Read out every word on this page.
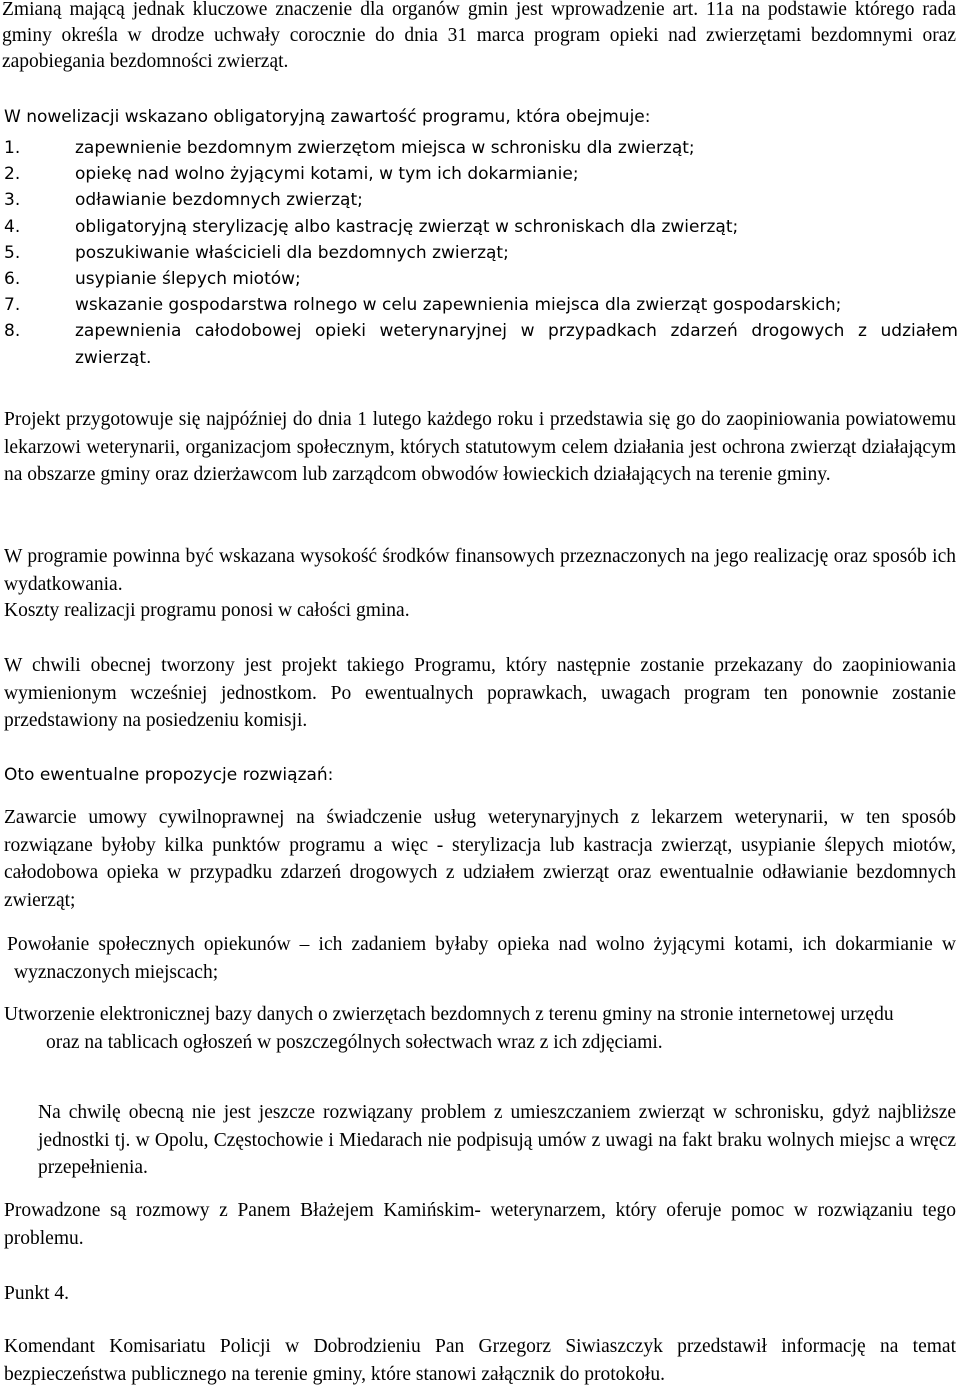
Zmianą mającą jednak kluczowe znaczenie dla organów gmin jest wprowadzenie art. 11a na podstawie którego rada gminy określa w drodze uchwały corocznie do dnia 31 marca program opieki nad zwierzętami bezdomnymi oraz zapobiegania bezdomności zwierząt.

W nowelizacji wskazano obligatoryjną zawartość programu, która obejmuje:

1.	zapewnienie bezdomnym zwierzętom miejsca w schronisku dla zwierząt;
2.	opiekę nad wolno żyjącymi kotami, w tym ich dokarmianie;
3.	odławianie bezdomnych zwierząt;
4.	obligatoryjną sterylizację albo kastrację zwierząt w schroniskach dla zwierząt;
5.	poszukiwanie właścicieli dla bezdomnych zwierząt;
6.	usypianie ślepych miotów;
7.	wskazanie gospodarstwa rolnego w celu zapewnienia miejsca dla zwierząt gospodarskich;
8.	zapewnienia całodobowej opieki weterynaryjnej w przypadkach zdarzeń drogowych z udziałem zwierząt.

Projekt przygotowuje się najpóźniej do dnia 1 lutego każdego roku i przedstawia się go do zaopiniowania powiatowemu lekarzowi weterynarii, organizacjom społecznym, których statutowym celem działania jest ochrona zwierząt działającym na obszarze gminy oraz dzierżawcom lub zarządcom obwodów łowieckich działających na terenie gminy.

W programie powinna być wskazana wysokość środków finansowych przeznaczonych na jego realizację oraz sposób ich wydatkowania.

Koszty realizacji programu ponosi w całości gmina.

W chwili obecnej tworzony jest projekt takiego Programu, który następnie zostanie przekazany do zaopiniowania wymienionym wcześniej jednostkom. Po ewentualnych poprawkach, uwagach program ten ponownie zostanie przedstawiony na posiedzeniu komisji.

Oto ewentualne propozycje rozwiązań:

Zawarcie umowy cywilnoprawnej na świadczenie usług weterynaryjnych z lekarzem weterynarii, w ten sposób rozwiązane byłoby kilka punktów programu a więc - sterylizacja lub kastracja zwierząt, usypianie ślepych miotów, całodobowa opieka w przypadku zdarzeń drogowych z udziałem zwierząt oraz ewentualnie odławianie bezdomnych zwierząt;

Powołanie społecznych opiekunów – ich zadaniem byłaby opieka nad wolno żyjącymi kotami, ich dokarmianie w wyznaczonych miejscach;

Utworzenie elektronicznej bazy danych o zwierzętach bezdomnych z terenu gminy na stronie internetowej urzędu oraz na tablicach ogłoszeń w poszczególnych sołectwach wraz z ich zdjęciami.

Na chwilę obecną nie jest jeszcze rozwiązany problem z umieszczaniem zwierząt w schronisku, gdyż najbliższe jednostki tj. w Opolu, Częstochowie i Miedarach nie podpisują umów z uwagi na fakt braku wolnych miejsc a wręcz przepełnienia.

Prowadzone są rozmowy z Panem Błażejem Kamińskim- weterynarzem, który oferuje pomoc w rozwiązaniu tego problemu.

Punkt 4.

Komendant Komisariatu Policji w Dobrodzieniu Pan Grzegorz Siwiaszczyk przedstawił informację na temat bezpieczeństwa publicznego na terenie gminy, które stanowi załącznik do protokołu.
